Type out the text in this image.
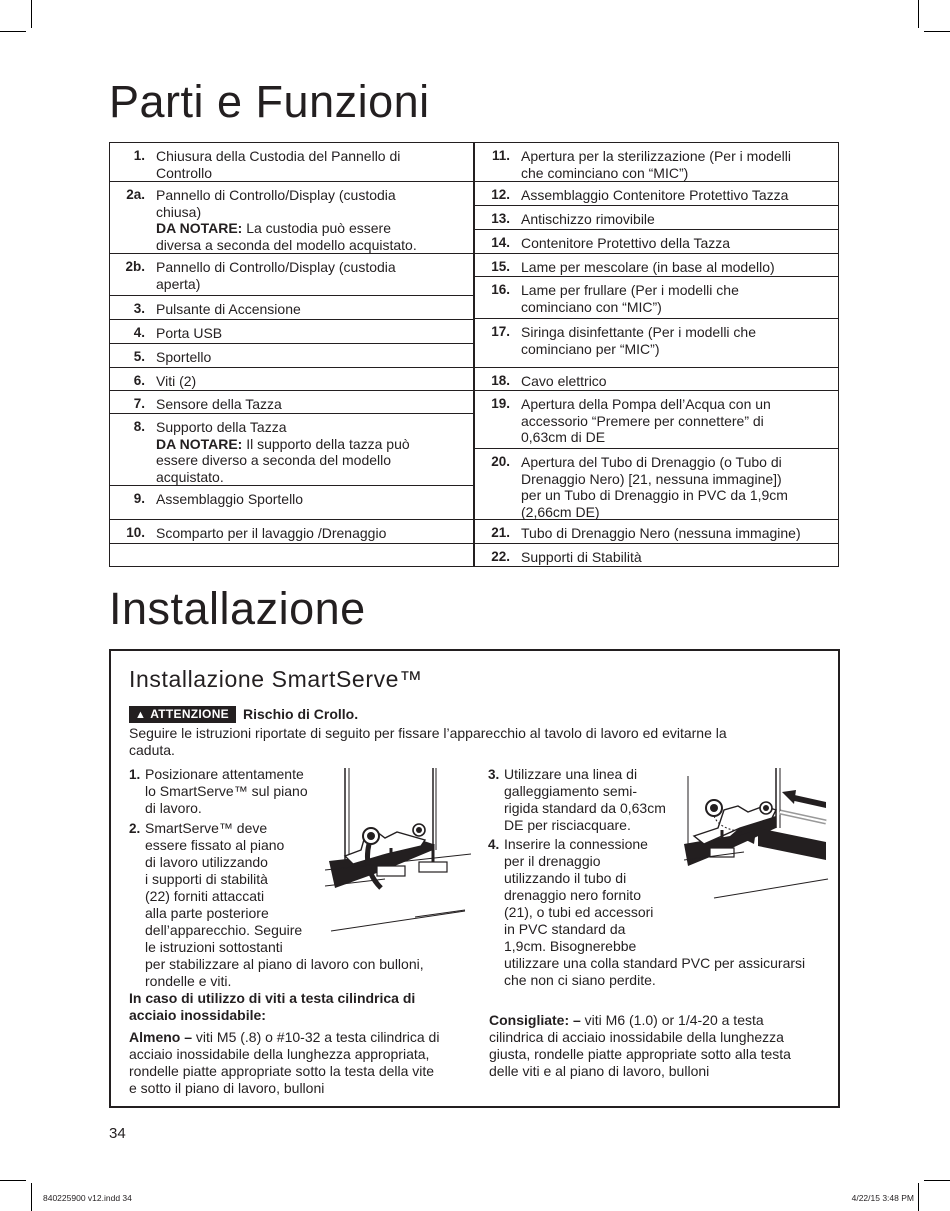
Parti e Funzioni
1. Chiusura della Custodia del Pannello di
Controllo
2a. Pannello di Controllo/Display (custodia
chiusa)
DA NOTARE: La custodia può essere
diversa a seconda del modello acquistato.
2b. Pannello di Controllo/Display (custodia
aperta)
3. Pulsante di Accensione
4. Porta USB
5. Sportello
6. Viti (2)
7. Sensore della Tazza
8. Supporto della Tazza
DA NOTARE: Il supporto della tazza può
essere diverso a seconda del modello
acquistato.
9. Assemblaggio Sportello
10. Scomparto per il lavaggio /Drenaggio
11. Apertura per la sterilizzazione (Per i modelli
che cominciano con “MIC”)
12. Assemblaggio Contenitore Protettivo Tazza
13. Antischizzo rimovibile
14. Contenitore Protettivo della Tazza
15. Lame per mescolare (in base al modello)
16. Lame per frullare (Per i modelli che
cominciano con “MIC”)
17. Siringa disinfettante (Per i modelli che
cominciano per “MIC”)
18. Cavo elettrico
19. Apertura della Pompa dell’Acqua con un
accessorio “Premere per connettere” di
0,63cm di DE
20. Apertura del Tubo di Drenaggio (o Tubo di
Drenaggio Nero) [21, nessuna immagine])
per un Tubo di Drenaggio in PVC da 1,9cm
(2,66cm DE)
21. Tubo di Drenaggio Nero (nessuna immagine)
22. Supporti di Stabilità
Installazione
Installazione SmartServe™
▲ ATTENZIONE	Rischio di Crollo.
Seguire le istruzioni riportate di seguito per fissare l’apparecchio al tavolo di lavoro ed evitarne la
caduta.
1. Posizionare attentamente
lo SmartServe™ sul piano
di lavoro.
2. SmartServe™ deve
essere fissato al piano
di lavoro utilizzando
i supporti di stabilità
(22) forniti attaccati
alla parte posteriore
dell’apparecchio. Seguire
le istruzioni sottostanti
per stabilizzare al piano di lavoro con bulloni,
rondelle e viti.
In caso di utilizzo di viti a testa cilindrica di
acciaio inossidabile:
Almeno – viti M5 (.8) o #10-32 a testa cilindrica di
acciaio inossidabile della lunghezza appropriata,
rondelle piatte appropriate sotto la testa della vite
e sotto il piano di lavoro, bulloni
3. Utilizzare una linea di
galleggiamento semi-
rigida standard da 0,63cm
DE per risciacquare.
4. Inserire la connessione
per il drenaggio
utilizzando il tubo di
drenaggio nero fornito
(21), o tubi ed accessori
in PVC standard da
1,9cm. Bisognerebbe
utilizzare una colla standard PVC per assicurarsi
che non ci siano perdite.
Consigliate: – viti M6 (1.0) or 1/4-20 a testa
cilindrica di acciaio inossidabile della lunghezza
giusta, rondelle piatte appropriate sotto alla testa
delle viti e al piano di lavoro, bulloni
34
840225900 v12.indd 34	4/22/15 3:48 PM
